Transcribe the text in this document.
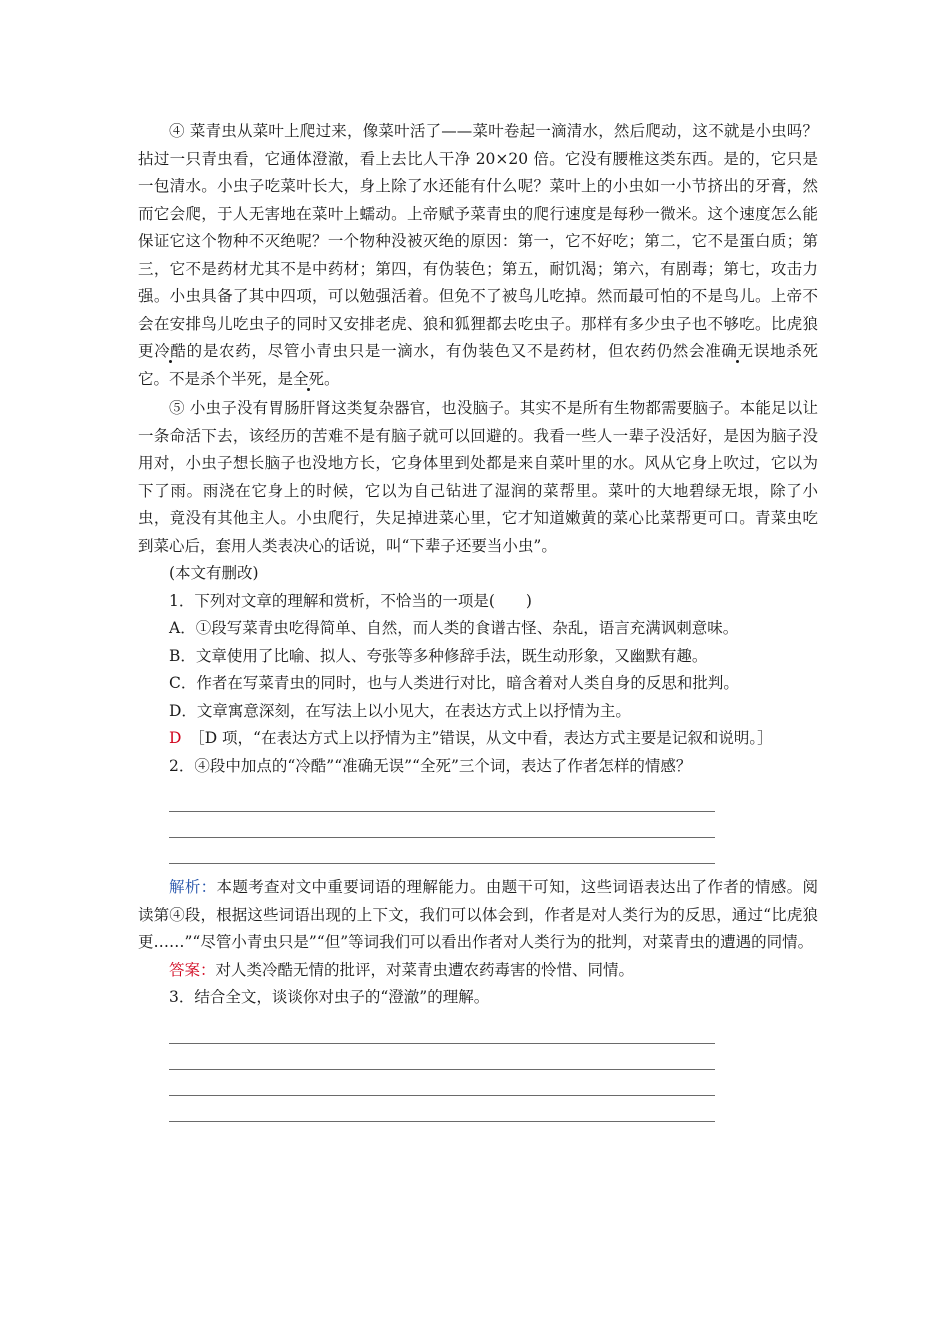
④ 菜青虫从菜叶上爬过来，像菜叶活了——菜叶卷起一滴清水，然后爬动，这不就是小虫吗？拈过一只青虫看，它通体澄澈，看上去比人干净 20×20 倍。它没有腰椎这类东西。是的，它只是一包清水。小虫子吃菜叶长大，身上除了水还能有什么呢？菜叶上的小虫如一小节挤出的牙膏，然而它会爬，于人无害地在菜叶上蠕动。上帝赋予菜青虫的爬行速度是每秒一微米。这个速度怎么能保证它这个物种不灭绝呢？一个物种没被灭绝的原因：第一，它不好吃；第二，它不是蛋白质；第三，它不是药材尤其不是中药材；第四，有伪装色；第五，耐饥渴；第六，有剧毒；第七，攻击力强。小虫具备了其中四项，可以勉强活着。但免不了被鸟儿吃掉。然而最可怕的不是鸟儿。上帝不会在安排鸟儿吃虫子的同时又安排老虎、狼和狐狸都去吃虫子。那样有多少虫子也不够吃。比虎狼更冷酷的是农药，尽管小青虫只是一滴水，有伪装色又不是药材，但农药仍然会准确无误地杀死它。不是杀个半死，是全死。

⑤ 小虫子没有胃肠肝肾这类复杂器官，也没脑子。其实不是所有生物都需要脑子。本能足以让一条命活下去，该经历的苦难不是有脑子就可以回避的。我看一些人一辈子没活好，是因为脑子没用对，小虫子想长脑子也没地方长，它身体里到处都是来自菜叶里的水。风从它身上吹过，它以为下了雨。雨浇在它身上的时候，它以为自己钻进了湿润的菜帮里。菜叶的大地碧绿无垠，除了小虫，竟没有其他主人。小虫爬行，失足掉进菜心里，它才知道嫩黄的菜心比菜帮更可口。青菜虫吃到菜心后，套用人类表决心的话说，叫“下辈子还要当小虫”。

(本文有删改)

1．下列对文章的理解和赏析，不恰当的一项是(　　)

A．①段写菜青虫吃得简单、自然，而人类的食谱古怪、杂乱，语言充满讽刺意味。

B．文章使用了比喻、拟人、夸张等多种修辞手法，既生动形象，又幽默有趣。

C．作者在写菜青虫的同时，也与人类进行对比，暗含着对人类自身的反思和批判。

D．文章寓意深刻，在写法上以小见大，在表达方式上以抒情为主。

D　 ［D 项，“在表达方式上以抒情为主”错误，从文中看，表达方式主要是记叙和说明。］

2．④段中加点的“冷酷”“准确无误”“全死”三个词，表达了作者怎样的情感？

解析：本题考查对文中重要词语的理解能力。由题干可知，这些词语表达出了作者的情感。阅读第④段，根据这些词语出现的上下文，我们可以体会到，作者是对人类行为的反思，通过“比虎狼更……”“尽管小青虫只是”“但”等词我们可以看出作者对人类行为的批判，对菜青虫的遭遇的同情。

答案：对人类冷酷无情的批评，对菜青虫遭农药毒害的怜惜、同情。

3．结合全文，谈谈你对虫子的“澄澈”的理解。
